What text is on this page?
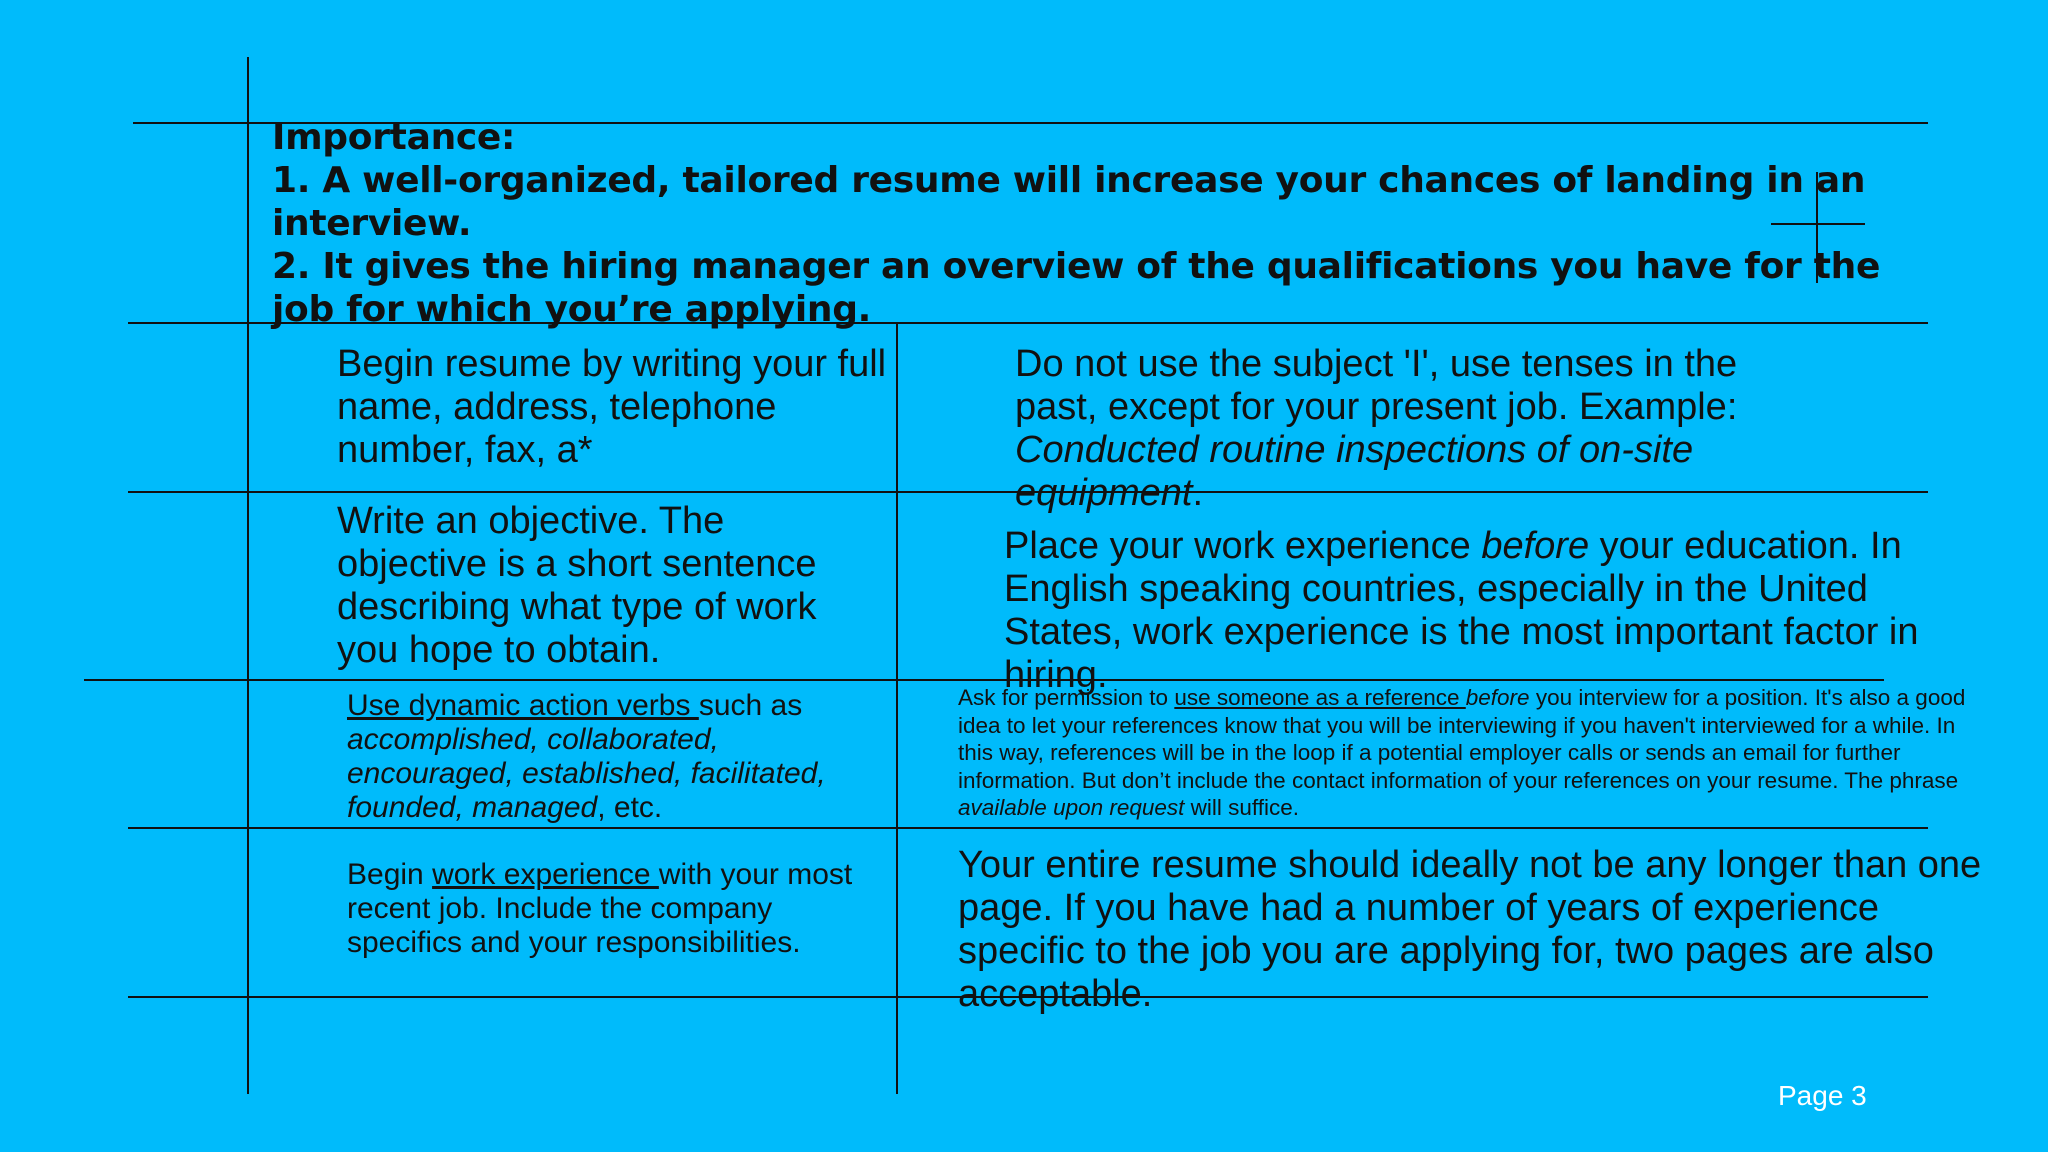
Importance:
1. A well-organized, tailored resume will increase your chances of landing in an interview.
2. It gives the hiring manager an overview of the qualifications you have for the job for which you’re applying.
Begin resume by writing your full name, address, telephone number, fax, a*
Do not use the subject 'I', use tenses in the past, except for your present job. Example: Conducted routine inspections of on-site equipment.
Write an objective. The objective is a short sentence describing what type of work you hope to obtain.
Place your work experience before your education. In English speaking countries, especially in the United States, work experience is the most important factor in hiring.
Use dynamic action verbs such as accomplished, collaborated, encouraged, established, facilitated, founded, managed, etc.
Ask for permission to use someone as a reference before you interview for a position. It's also a good idea to let your references know that you will be interviewing if you haven't interviewed for a while. In this way, references will be in the loop if a potential employer calls or sends an email for further information. But don’t include the contact information of your references on your resume. The phrase available upon request will suffice.
Begin work experience with your most recent job. Include the company specifics and your responsibilities.
Your entire resume should ideally not be any longer than one page. If you have had a number of years of experience specific to the job you are applying for, two pages are also acceptable.
Page 3
